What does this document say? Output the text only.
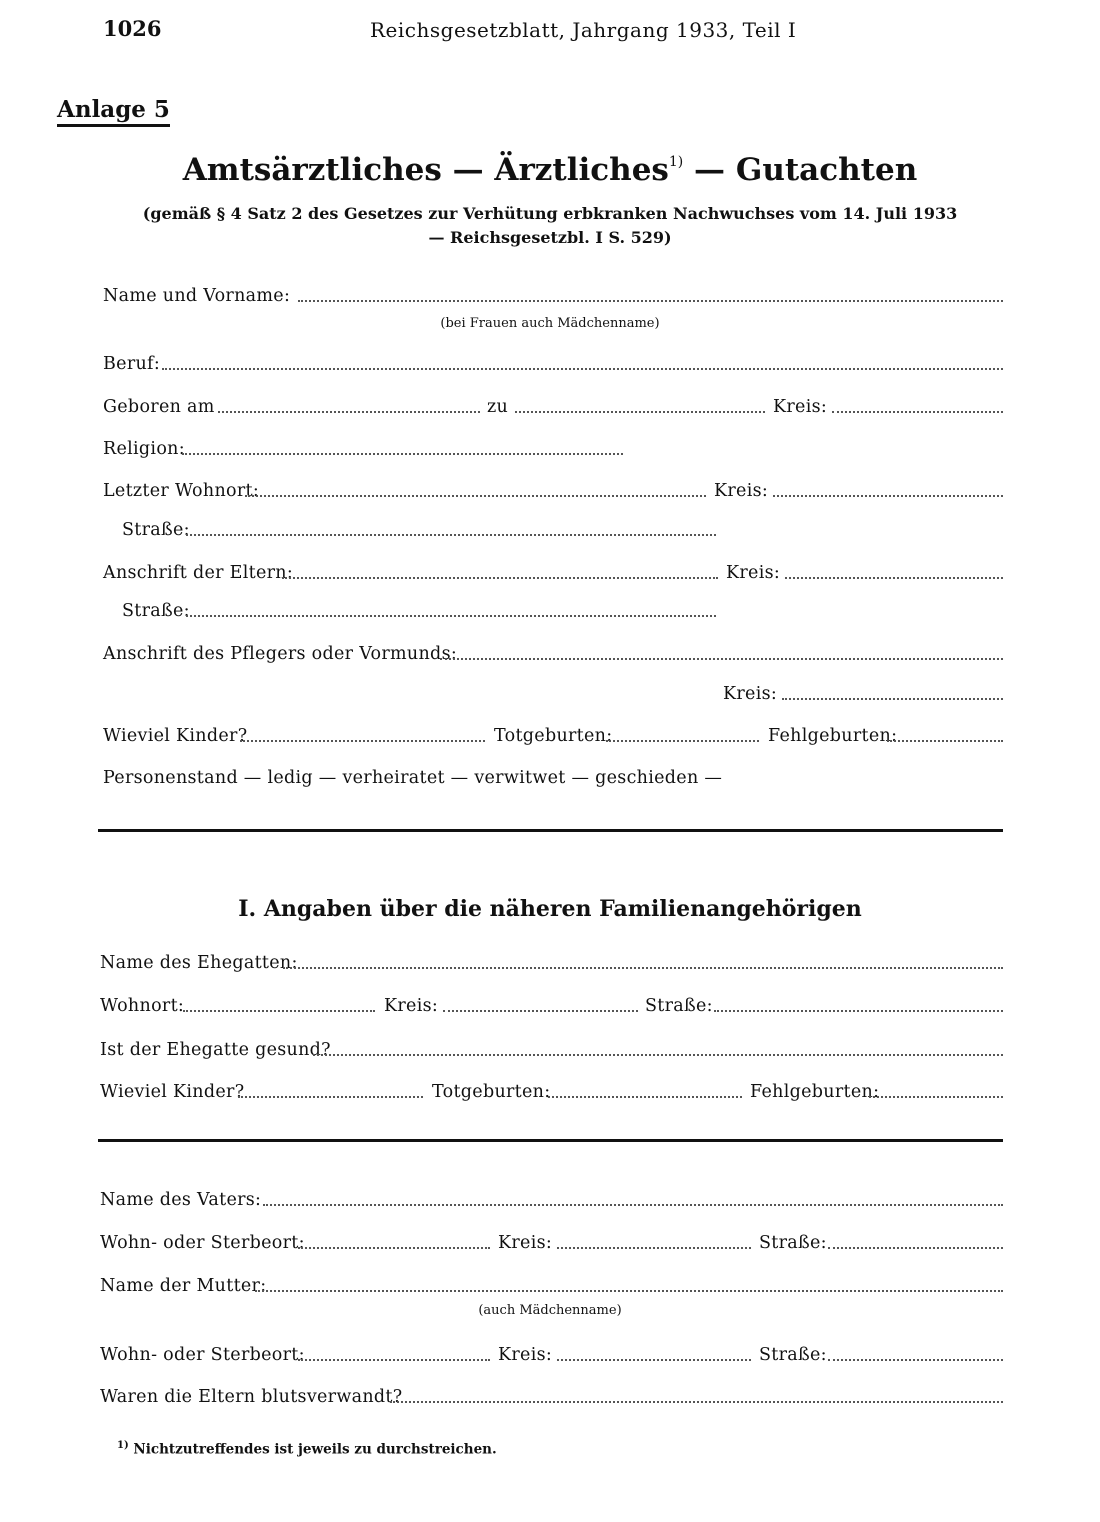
1026	Reichsgesetzblatt, Jahrgang 1933, Teil I
Anlage 5
Amtsärztliches — Ärztliches$^{1)}$ — Gutachten
(gemäß § 4 Satz 2 des Gesetzes zur Verhütung erbkranken Nachwuchses vom 14. Juli 1933
— Reichsgesetzbl. I S. 529)
Name und Vorname:
(bei Frauen auch Mädchenname)
Beruf:
Geboren am	zu	Kreis:
Religion:
Letzter Wohnort:	Kreis:
Straße:
Anschrift der Eltern:	Kreis:
Straße:
Anschrift des Pflegers oder Vormunds:
Kreis:
Wieviel Kinder?	Totgeburten:	Fehlgeburten:
Personenstand — ledig — verheiratet — verwitwet — geschieden —
I. Angaben über die näheren Familienangehörigen
Name des Ehegatten:
Wohnort:	Kreis:	Straße:
Ist der Ehegatte gesund?
Wieviel Kinder?	Totgeburten:	Fehlgeburten:
Name des Vaters:
Wohn- oder Sterbeort:	Kreis:	Straße:
Name der Mutter:
(auch Mädchenname)
Wohn- oder Sterbeort:	Kreis:	Straße:
Waren die Eltern blutsverwandt?
$^{1)}$ Nichtzutreffendes ist jeweils zu durchstreichen.
